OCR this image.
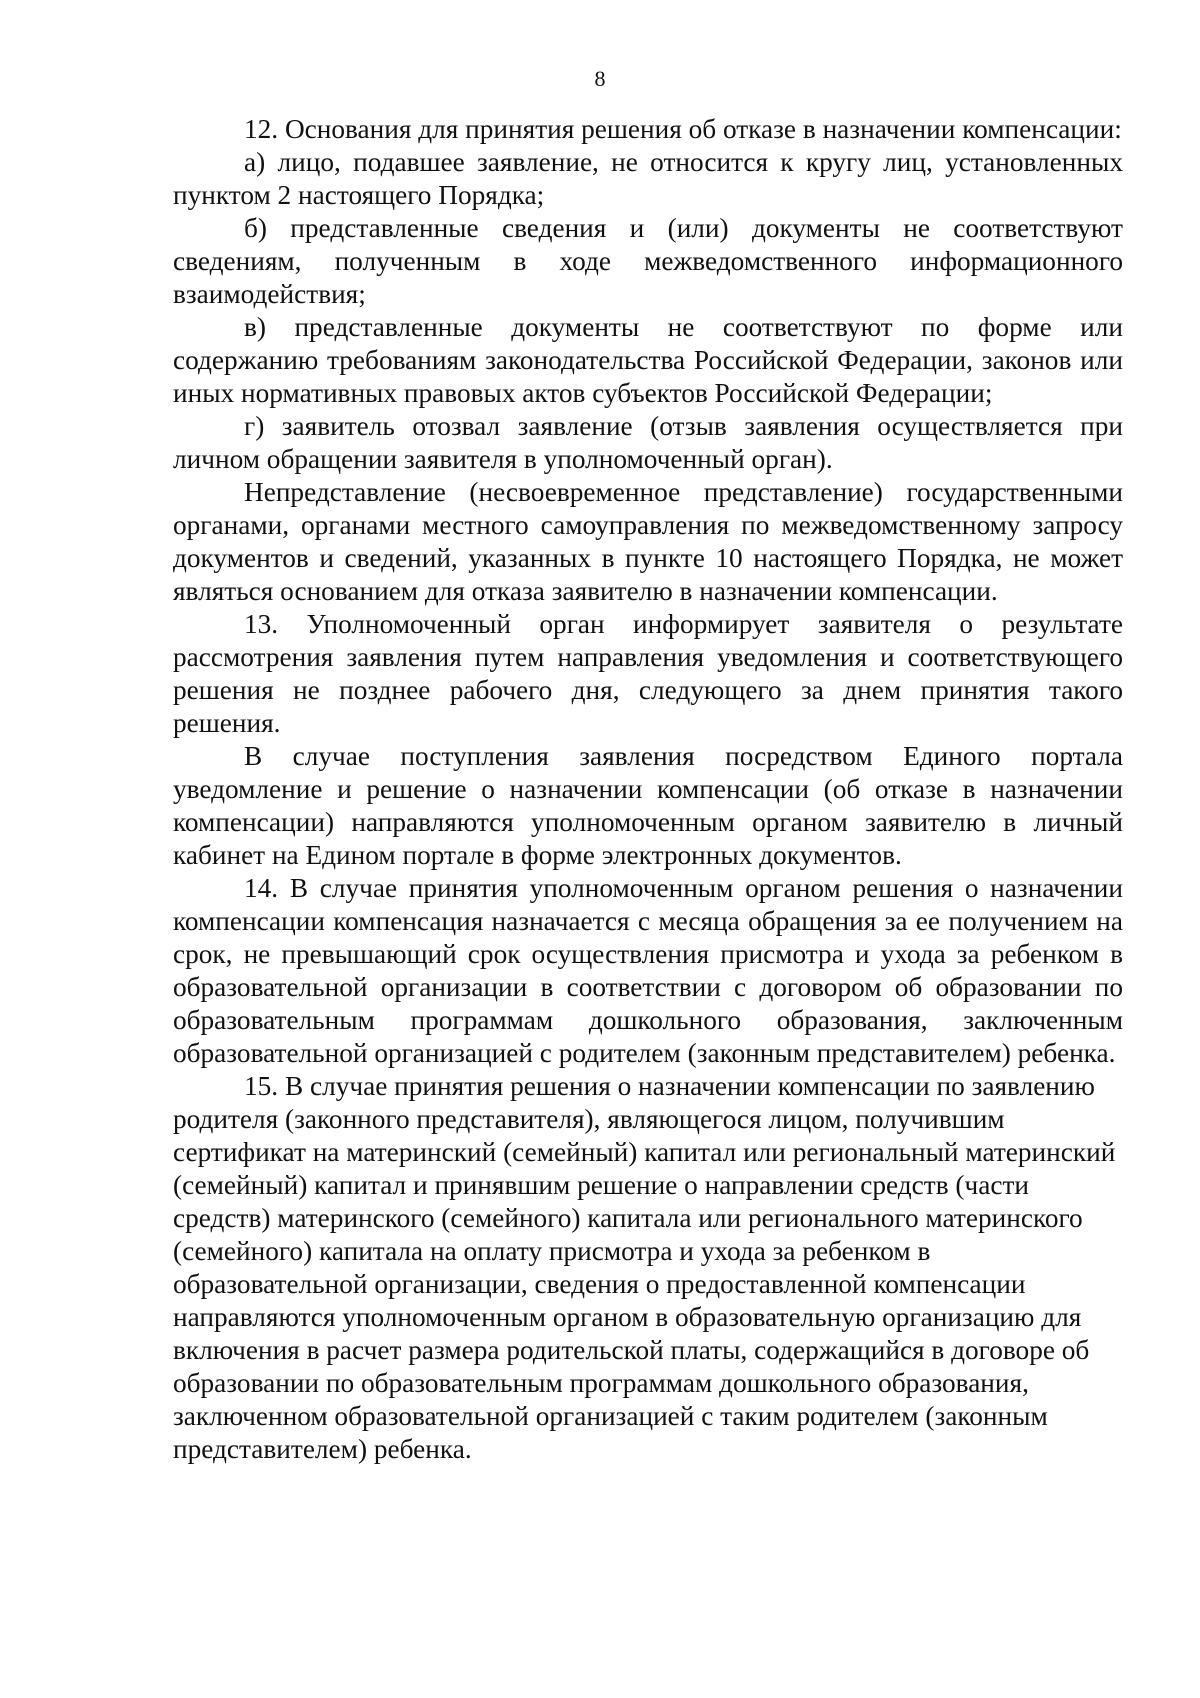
8

12. Основания для принятия решения об отказе в назначении компенсации:

а) лицо, подавшее заявление, не относится к кругу лиц, установленных пунктом 2 настоящего Порядка;

б) представленные сведения и (или) документы не соответствуют сведениям, полученным в ходе межведомственного информационного взаимодействия;

в) представленные документы не соответствуют по форме или содержанию требованиям законодательства Российской Федерации, законов или иных нормативных правовых актов субъектов Российской Федерации;

г) заявитель отозвал заявление (отзыв заявления осуществляется при личном обращении заявителя в уполномоченный орган).

Непредставление (несвоевременное представление) государственными органами, органами местного самоуправления по межведомственному запросу документов и сведений, указанных в пункте 10 настоящего Порядка, не может являться основанием для отказа заявителю в назначении компенсации.

13. Уполномоченный орган информирует заявителя о результате рассмотрения заявления путем направления уведомления и соответствующего решения не позднее рабочего дня, следующего за днем принятия такого решения.

В случае поступления заявления посредством Единого портала уведомление и решение о назначении компенсации (об отказе в назначении компенсации) направляются уполномоченным органом заявителю в личный кабинет на Едином портале в форме электронных документов.

14. В случае принятия уполномоченным органом решения о назначении компенсации компенсация назначается с месяца обращения за ее получением на срок, не превышающий срок осуществления присмотра и ухода за ребенком в образовательной организации в соответствии с договором об образовании по образовательным программам дошкольного образования, заключенным образовательной организацией с родителем (законным представителем) ребенка.

15. В случае принятия решения о назначении компенсации по заявлению родителя (законного представителя), являющегося лицом, получившим сертификат на материнский (семейный) капитал или региональный материнский (семейный) капитал и принявшим решение о направлении средств (части средств) материнского (семейного) капитала или регионального материнского (семейного) капитала на оплату присмотра и ухода за ребенком в образовательной организации, сведения о предоставленной компенсации направляются уполномоченным органом в образовательную организацию для включения в расчет размера родительской платы, содержащийся в договоре об образовании по образовательным программам дошкольного образования, заключенном образовательной организацией с таким родителем (законным представителем) ребенка.
